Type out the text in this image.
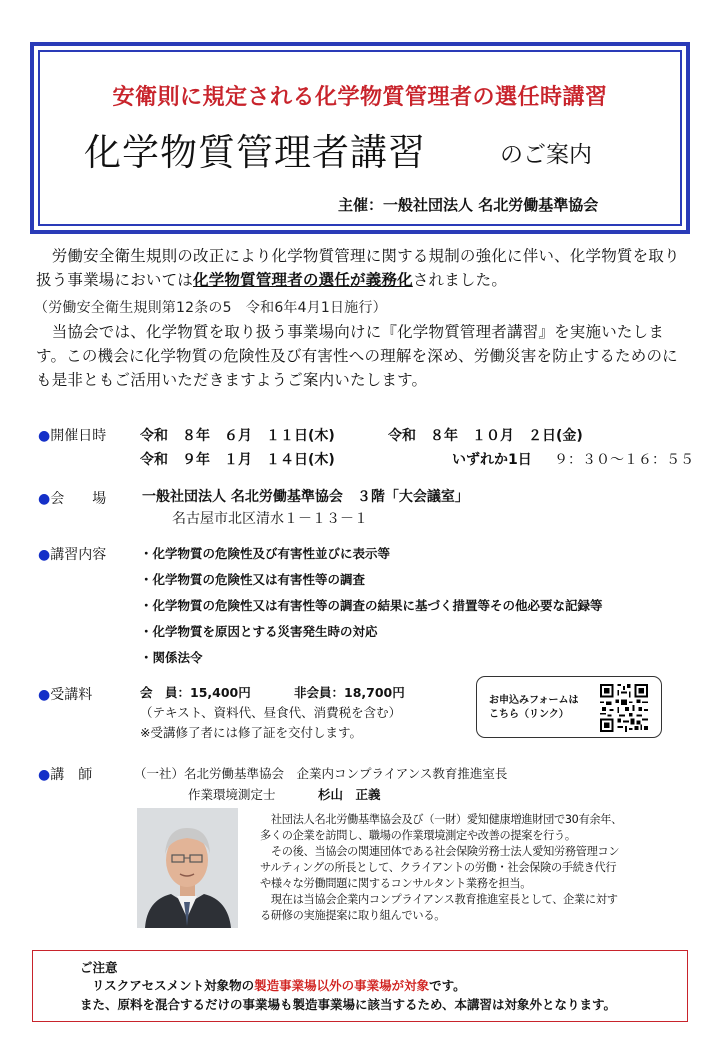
安衛則に規定される化学物質管理者の選任時講習
化学物質管理者講習	のご案内
主催：一般社団法人 名北労働基準協会
　労働安全衛生規則の改正により化学物質管理に関する規制の強化に伴い、化学物質を取り扱う事業場においては化学物質管理者の選任が義務化されました。
（労働安全衛生規則第12条の5　令和6年4月1日施行）
　当協会では、化学物質を取り扱う事業場向けに『化学物質管理者講習』を実施いたします。この機会に化学物質の危険性及び有害性への理解を深め、労働災害を防止するためのにも是非ともご活用いただきますようご案内いたします。
●開催日時 令和　８年　６月　１１日(木)	令和　８年　１０月　２日(金)
令和　９年　１月　１４日(木)	いずれか1日 ９：３０〜１６：５５
●会　　場	一般社団法人 名北労働基準協会　３階「大会議室」
名古屋市北区清水１－１３－１
●講習内容	・化学物質の危険性及び有害性並びに表示等
・化学物質の危険性又は有害性等の調査
・化学物質の危険性又は有害性等の調査の結果に基づく措置等その他必要な記録等
・化学物質を原因とする災害発生時の対応
・関係法令
●受講料	会　員：15,400円	非会員：18,700円
（テキスト、資料代、昼食代、消費税を含む）
※受講修了者には修了証を交付します。
お申込みフォームは
こちら（リンク）
●講　師	（一社）名北労働基準協会　企業内コンプライアンス教育推進室長
作業環境測定士	杉山　正義
　社団法人名北労働基準協会及び（一財）愛知健康増進財団で30有余年、
多くの企業を訪問し、職場の作業環境測定や改善の提案を行う。
　その後、当協会の関連団体である社会保険労務士法人愛知労務管理コン
サルティングの所長として、クライアントの労働・社会保険の手続き代行
や様々な労働問題に関するコンサルタント業務を担当。
　現在は当協会企業内コンプライアンス教育推進室長として、企業に対す
る研修の実施提案に取り組んでいる。
ご注意
リスクアセスメント対象物の製造事業場以外の事業場が対象です。
また、原料を混合するだけの事業場も製造事業場に該当するため、本講習は対象外となります。
